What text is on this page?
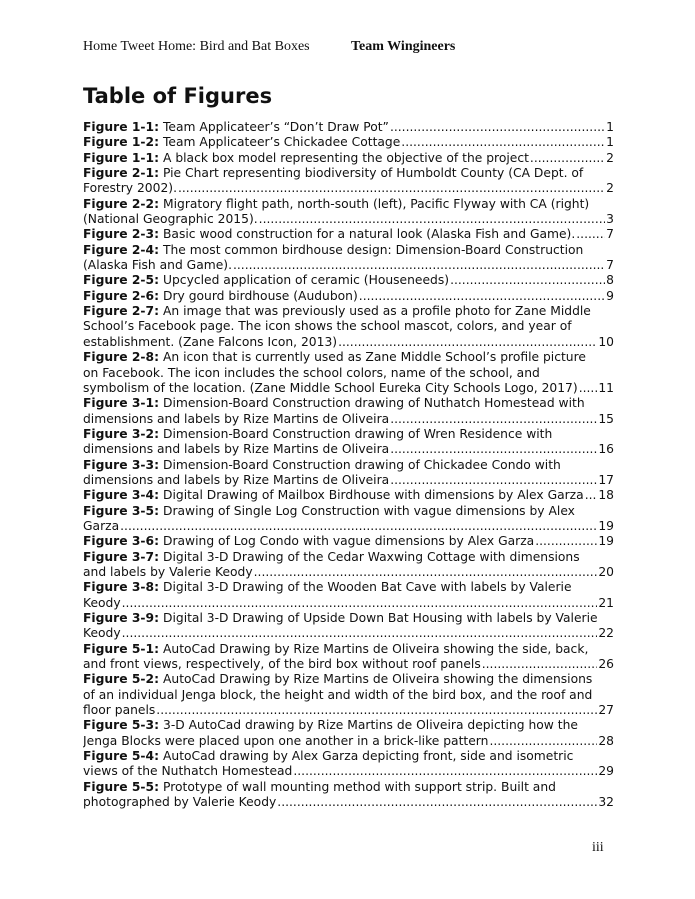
Home Tweet Home: Bird and Bat Boxes	Team Wingineers
Table of Figures
Figure 1-1: Team Applicateer’s “Don’t Draw Pot” .....	1
Figure 1-2: Team Applicateer’s Chickadee Cottage .....	1
Figure 1-1: A black box model representing the objective of the project .....	2
Figure 2-1: Pie Chart representing biodiversity of Humboldt County (CA Dept. of
Forestry 2002). .....	2
Figure 2-2: Migratory flight path, north-south (left), Pacific Flyway with CA (right)
(National Geographic 2015). .....	3
Figure 2-3: Basic wood construction for a natural look (Alaska Fish and Game). .....	7
Figure 2-4: The most common birdhouse design: Dimension-Board Construction
(Alaska Fish and Game). .....	7
Figure 2-5: Upcycled application of ceramic (Houseneeds) .....	8
Figure 2-6: Dry gourd birdhouse (Audubon) .....	9
Figure 2-7: An image that was previously used as a profile photo for Zane Middle
School’s Facebook page. The icon shows the school mascot, colors, and year of
establishment. (Zane Falcons Icon, 2013) .....	10
Figure 2-8: An icon that is currently used as Zane Middle School’s profile picture
on Facebook. The icon includes the school colors, name of the school, and
symbolism of the location. (Zane Middle School Eureka City Schools Logo, 2017) ..... 11
Figure 3-1: Dimension-Board Construction drawing of Nuthatch Homestead with
dimensions and labels by Rize Martins de Oliveira .....	15
Figure 3-2: Dimension-Board Construction drawing of Wren Residence with
dimensions and labels by Rize Martins de Oliveira .....	16
Figure 3-3: Dimension-Board Construction drawing of Chickadee Condo with
dimensions and labels by Rize Martins de Oliveira .....	17
Figure 3-4: Digital Drawing of Mailbox Birdhouse with dimensions by Alex Garza ..... 18
Figure 3-5: Drawing of Single Log Construction with vague dimensions by Alex
Garza .....	19
Figure 3-6: Drawing of Log Condo with vague dimensions by Alex Garza .....	19
Figure 3-7: Digital 3-D Drawing of the Cedar Waxwing Cottage with dimensions
and labels by Valerie Keody .....	20
Figure 3-8: Digital 3-D Drawing of the Wooden Bat Cave with labels by Valerie
Keody .....	21
Figure 3-9: Digital 3-D Drawing of Upside Down Bat Housing with labels by Valerie
Keody .....	22
Figure 5-1: AutoCad Drawing by Rize Martins de Oliveira showing the side, back,
and front views, respectively, of the bird box without roof panels .....	26
Figure 5-2: AutoCad Drawing by Rize Martins de Oliveira showing the dimensions
of an individual Jenga block, the height and width of the bird box, and the roof and
floor panels .....	27
Figure 5-3: 3-D AutoCad drawing by Rize Martins de Oliveira depicting how the
Jenga Blocks were placed upon one another in a brick-like pattern .....	28
Figure 5-4: AutoCad drawing by Alex Garza depicting front, side and isometric
views of the Nuthatch Homestead .....	29
Figure 5-5: Prototype of wall mounting method with support strip. Built and
photographed by Valerie Keody .....	32
iii
